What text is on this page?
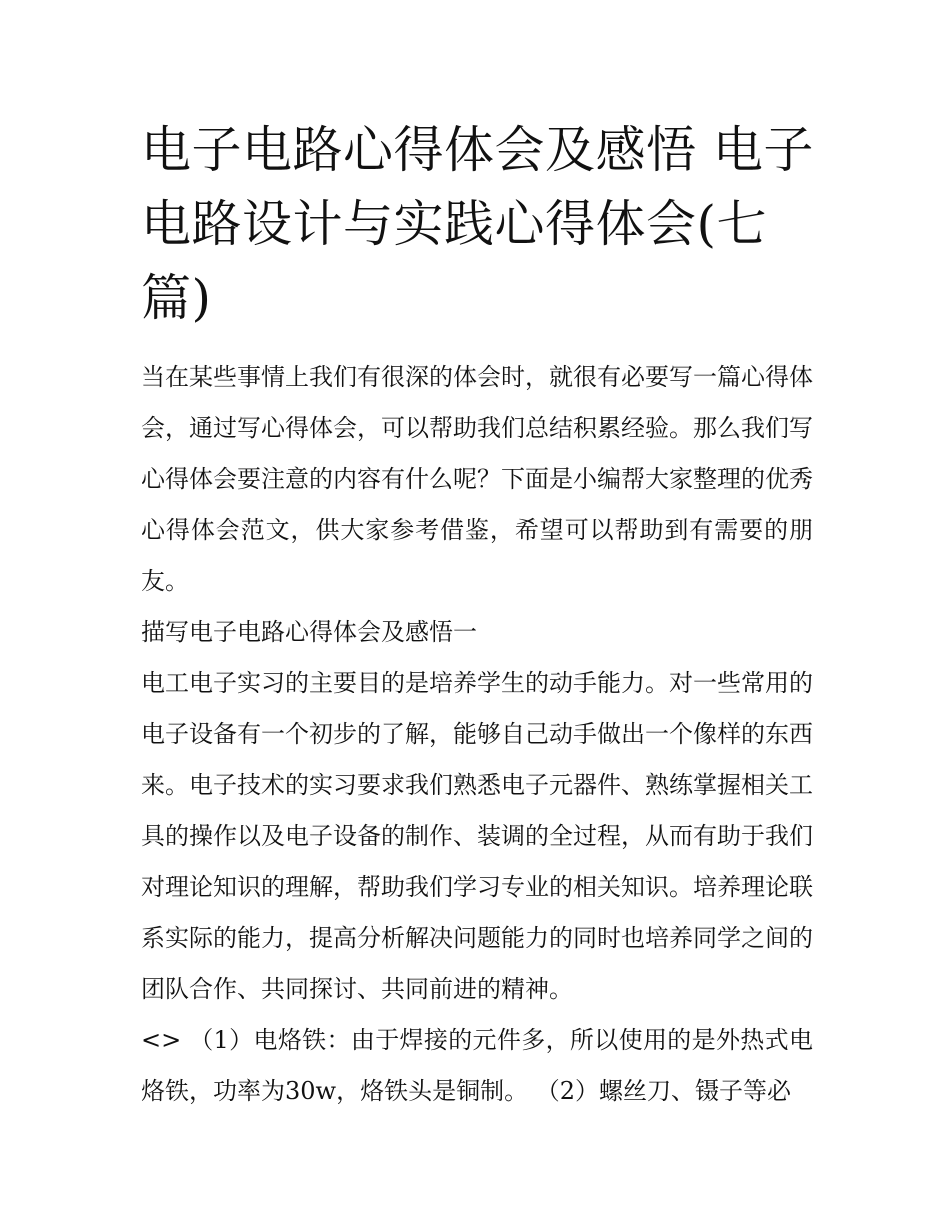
电子电路心得体会及感悟 电子电路设计与实践心得体会(七篇)

当在某些事情上我们有很深的体会时，就很有必要写一篇心得体会，通过写心得体会，可以帮助我们总结积累经验。那么我们写心得体会要注意的内容有什么呢？下面是小编帮大家整理的优秀心得体会范文，供大家参考借鉴，希望可以帮助到有需要的朋友。

描写电子电路心得体会及感悟一

电工电子实习的主要目的是培养学生的动手能力。对一些常用的电子设备有一个初步的了解，能够自己动手做出一个像样的东西来。电子技术的实习要求我们熟悉电子元器件、熟练掌握相关工具的操作以及电子设备的制作、装调的全过程，从而有助于我们对理论知识的理解，帮助我们学习专业的相关知识。培养理论联系实际的能力，提高分析解决问题能力的同时也培养同学之间的团队合作、共同探讨、共同前进的精神。

<> （1）电烙铁：由于焊接的元件多，所以使用的是外热式电烙铁，功率为30w，烙铁头是铜制。 （2）螺丝刀、镊子等必
